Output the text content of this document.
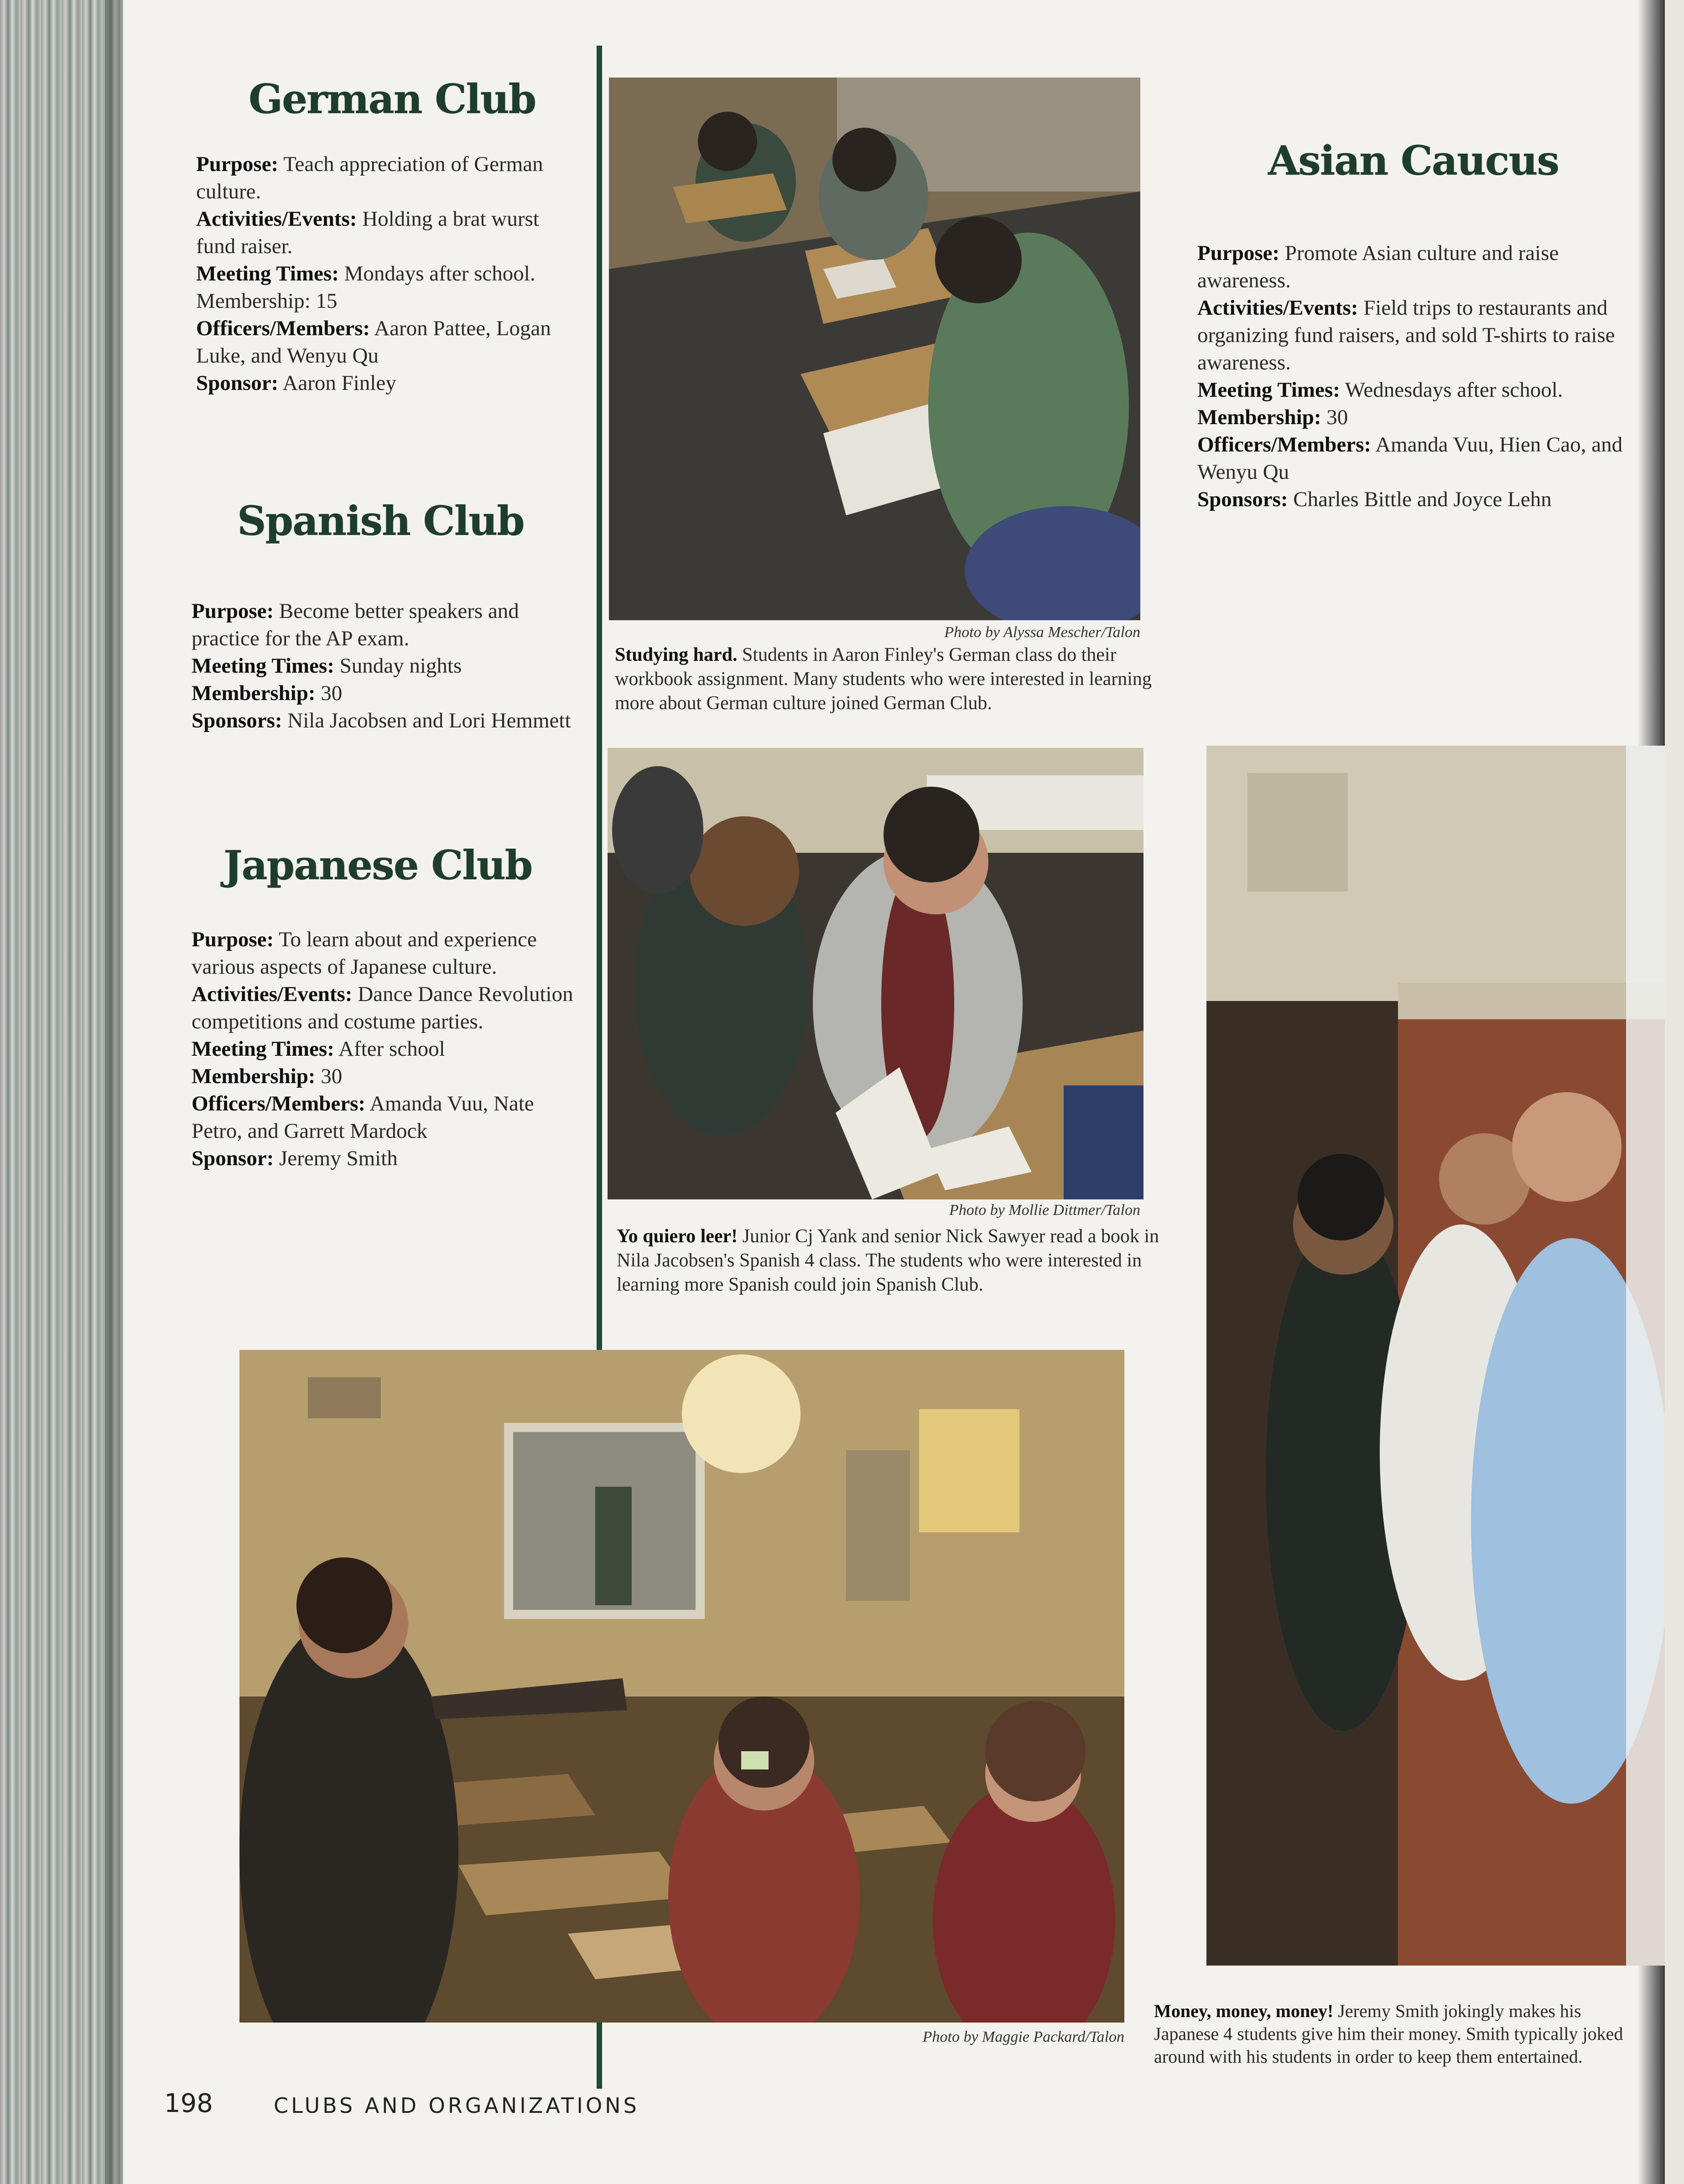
German Club
Purpose: Teach appreciation of German culture.
Activities/Events: Holding a brat wurst fund raiser.
Meeting Times: Mondays after school.
Membership: 15
Officers/Members: Aaron Pattee, Logan Luke, and Wenyu Qu
Sponsor: Aaron Finley
Spanish Club
Purpose: Become better speakers and practice for the AP exam.
Meeting Times: Sunday nights
Membership: 30
Sponsors: Nila Jacobsen and Lori Hemmett
Japanese Club
Purpose: To learn about and experience various aspects of Japanese culture.
Activities/Events: Dance Dance Revolution competitions and costume parties.
Meeting Times: After school
Membership: 30
Officers/Members: Amanda Vuu, Nate Petro, and Garrett Mardock
Sponsor: Jeremy Smith
Photo by Alyssa Mescher/Talon
Studying hard. Students in Aaron Finley's German class do their workbook assignment. Many students who were interested in learning more about German culture joined German Club.
Photo by Mollie Dittmer/Talon
Yo quiero leer! Junior Cj Yank and senior Nick Sawyer read a book in Nila Jacobsen's Spanish 4 class. The students who were interested in learning more Spanish could join Spanish Club.
Asian Caucus
Purpose: Promote Asian culture and raise awareness.
Activities/Events: Field trips to restaurants and organizing fund raisers, and sold T-shirts to raise awareness.
Meeting Times: Wednesdays after school.
Membership: 30
Officers/Members: Amanda Vuu, Hien Cao, and Wenyu Qu
Sponsors: Charles Bittle and Joyce Lehn
Money, money, money! Jeremy Smith jokingly makes his Japanese 4 students give him their money. Smith typically joked around with his students in order to keep them entertained.
Photo by Maggie Packard/Talon
198	CLUBS AND ORGANIZATIONS
